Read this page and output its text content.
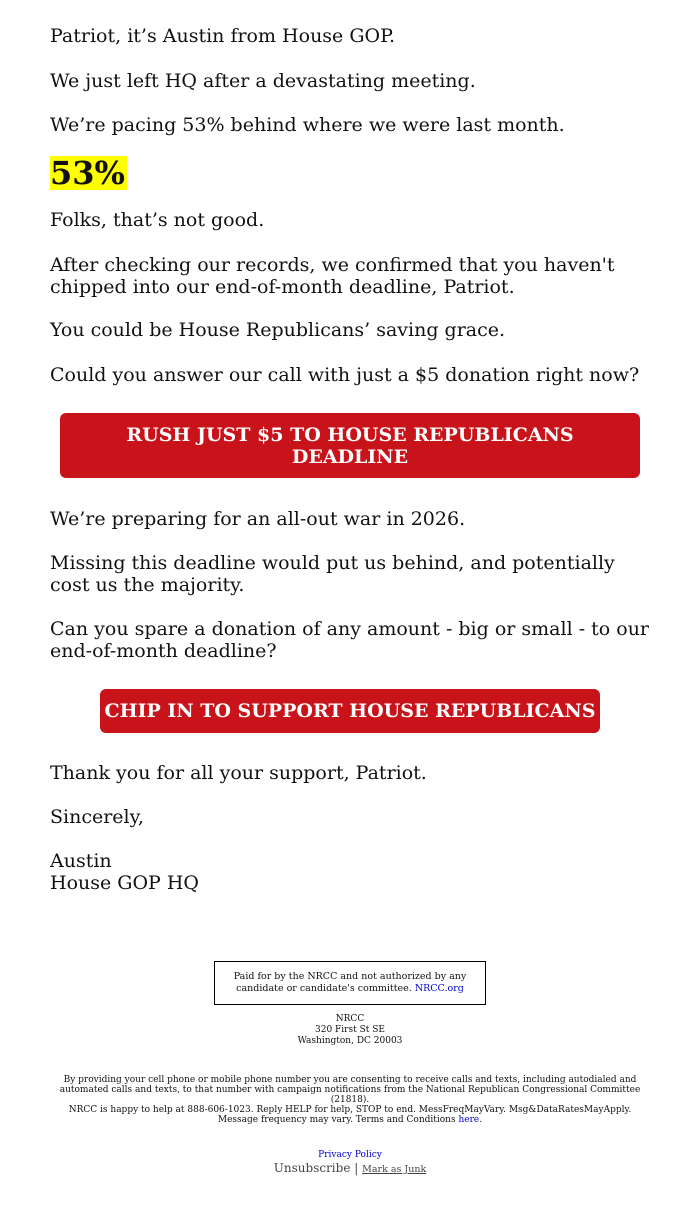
Patriot, it’s Austin from House GOP.

We just left HQ after a devastating meeting.

We’re pacing 53% behind where we were last month.

53%

Folks, that’s not good.

After checking our records, we confirmed that you haven't chipped into our end-of-month deadline, Patriot.

You could be House Republicans’ saving grace.

Could you answer our call with just a $5 donation right now?

RUSH JUST $5 TO HOUSE REPUBLICANS DEADLINE

We’re preparing for an all-out war in 2026.

Missing this deadline would put us behind, and potentially cost us the majority.

Can you spare a donation of any amount - big or small - to our end-of-month deadline?

CHIP IN TO SUPPORT HOUSE REPUBLICANS

Thank you for all your support, Patriot.

Sincerely,

Austin

House GOP HQ

Paid for by the NRCC and not authorized by any candidate or candidate's committee. NRCC.org
NRCC
320 First St SE
Washington, DC 20003
By providing your cell phone or mobile phone number you are consenting to receive calls and texts, including autodialed and automated calls and texts, to that number with campaign notifications from the National Republican Congressional Committee (21818).
NRCC is happy to help at 888-606-1023. Reply HELP for help, STOP to end. MessFreqMayVary. Msg&DataRatesMayApply. Message frequency may vary. Terms and Conditions here.
Privacy Policy
Unsubscribe | Mark as Junk
